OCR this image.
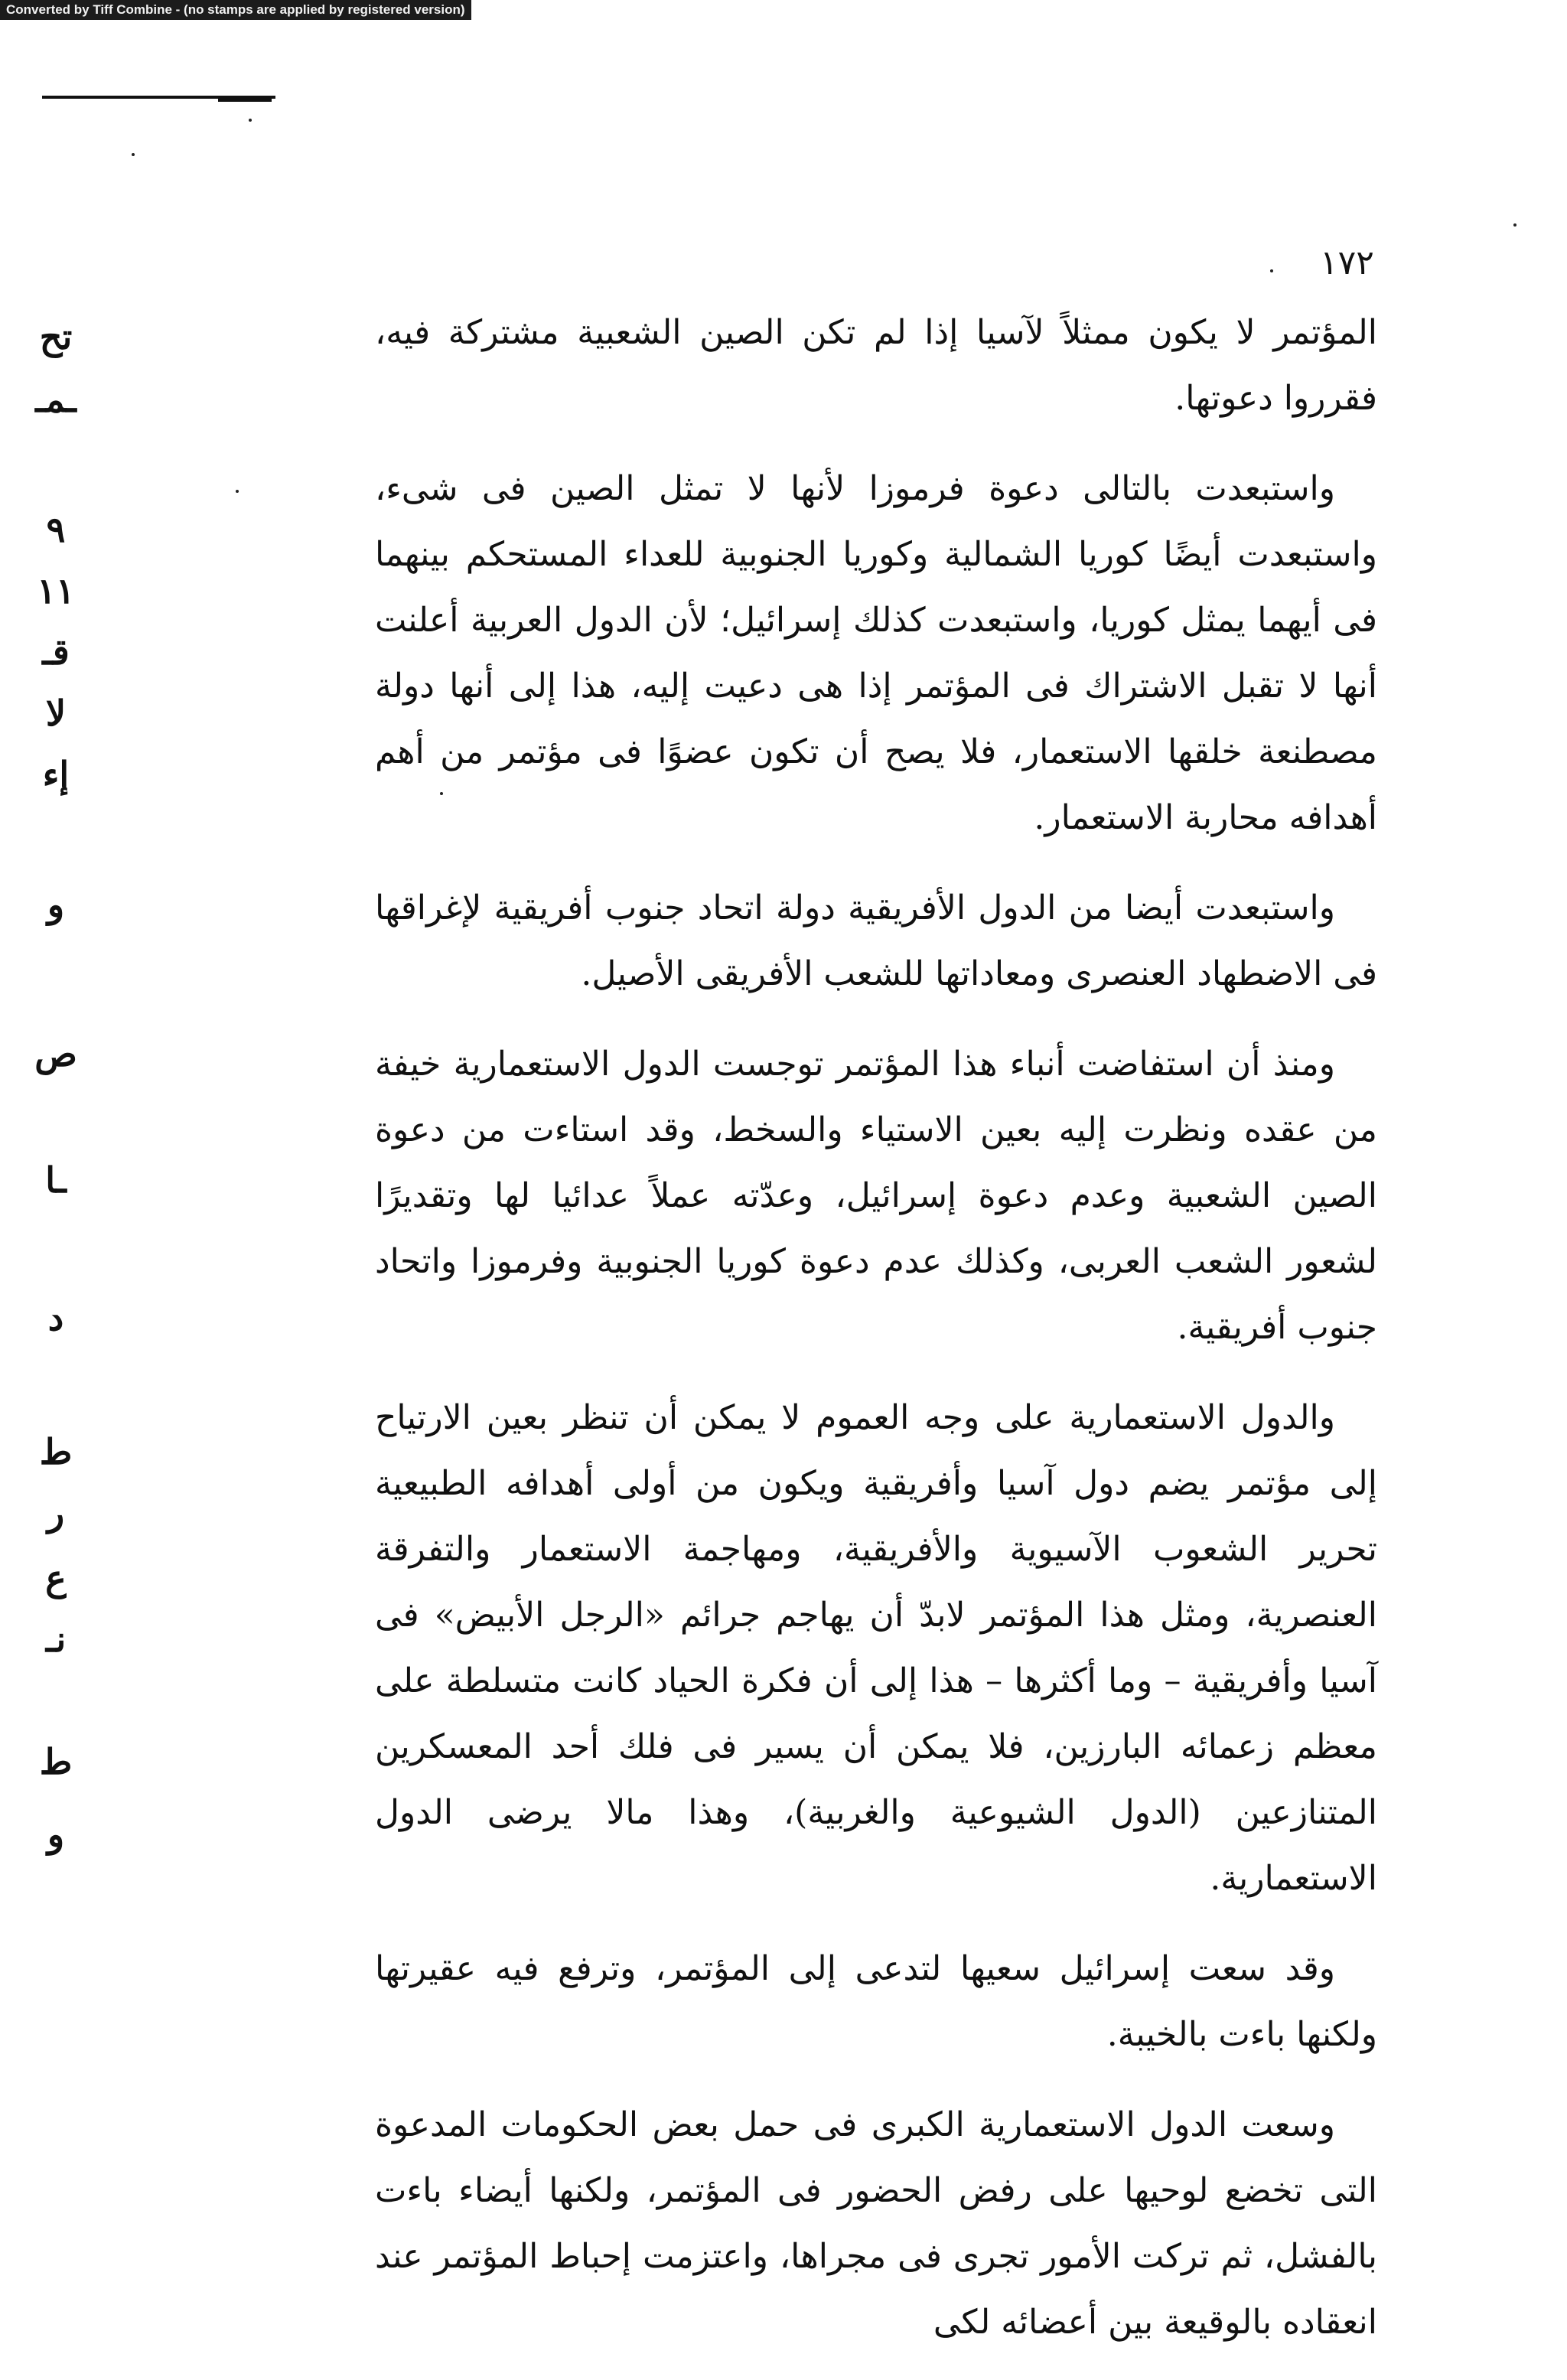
Converted by Tiff Combine - (no stamps are applied by registered version)
١٧٢

المؤتمر لا يكون ممثلاً لآسيا إذا لم تكن الصين الشعبية مشتركة فيه، فقرروا دعوتها.

واستبعدت بالتالى دعوة فرموزا لأنها لا تمثل الصين فى شىء، واستبعدت أيضًا كوريا الشمالية وكوريا الجنوبية للعداء المستحكم بينهما فى أيهما يمثل كوريا، واستبعدت كذلك إسرائيل؛ لأن الدول العربية أعلنت أنها لا تقبل الاشتراك فى المؤتمر إذا هى دعيت إليه، هذا إلى أنها دولة مصطنعة خلقها الاستعمار، فلا يصح أن تكون عضوًا فى مؤتمر من أهم أهدافه محاربة الاستعمار.

واستبعدت أيضا من الدول الأفريقية دولة اتحاد جنوب أفريقية لإغراقها فى الاضطهاد العنصرى ومعاداتها للشعب الأفريقى الأصيل.

ومنذ أن استفاضت أنباء هذا المؤتمر توجست الدول الاستعمارية خيفة من عقده ونظرت إليه بعين الاستياء والسخط، وقد استاءت من دعوة الصين الشعبية وعدم دعوة إسرائيل، وعدّته عملاً عدائيا لها وتقديرًا لشعور الشعب العربى، وكذلك عدم دعوة كوريا الجنوبية وفرموزا واتحاد جنوب أفريقية.

والدول الاستعمارية على وجه العموم لا يمكن أن تنظر بعين الارتياح إلى مؤتمر يضم دول آسيا وأفريقية ويكون من أولى أهدافه الطبيعية تحرير الشعوب الآسيوية والأفريقية، ومهاجمة الاستعمار والتفرقة العنصرية، ومثل هذا المؤتمر لابدّ أن يهاجم جرائم «الرجل الأبيض» فى آسيا وأفريقية – وما أكثرها – هذا إلى أن فكرة الحياد كانت متسلطة على معظم زعمائه البارزين، فلا يمكن أن يسير فى فلك أحد المعسكرين المتنازعين (الدول الشيوعية والغربية)، وهذا مالا يرضى الدول الاستعمارية.

وقد سعت إسرائيل سعيها لتدعى إلى المؤتمر، وترفع فيه عقيرتها ولكنها باءت بالخيبة.

وسعت الدول الاستعمارية الكبرى فى حمل بعض الحكومات المدعوة التى تخضع لوحيها على رفض الحضور فى المؤتمر، ولكنها أيضاء باءت بالفشل، ثم تركت الأمور تجرى فى مجراها، واعتزمت إحباط المؤتمر عند انعقاده بالوقيعة بين أعضائه لكى

تح
ـمـ
٩
١١
قـ
لا
إ‍ء
و
ص
ـا
د
ط
ر
ع
نـ
ط
و
